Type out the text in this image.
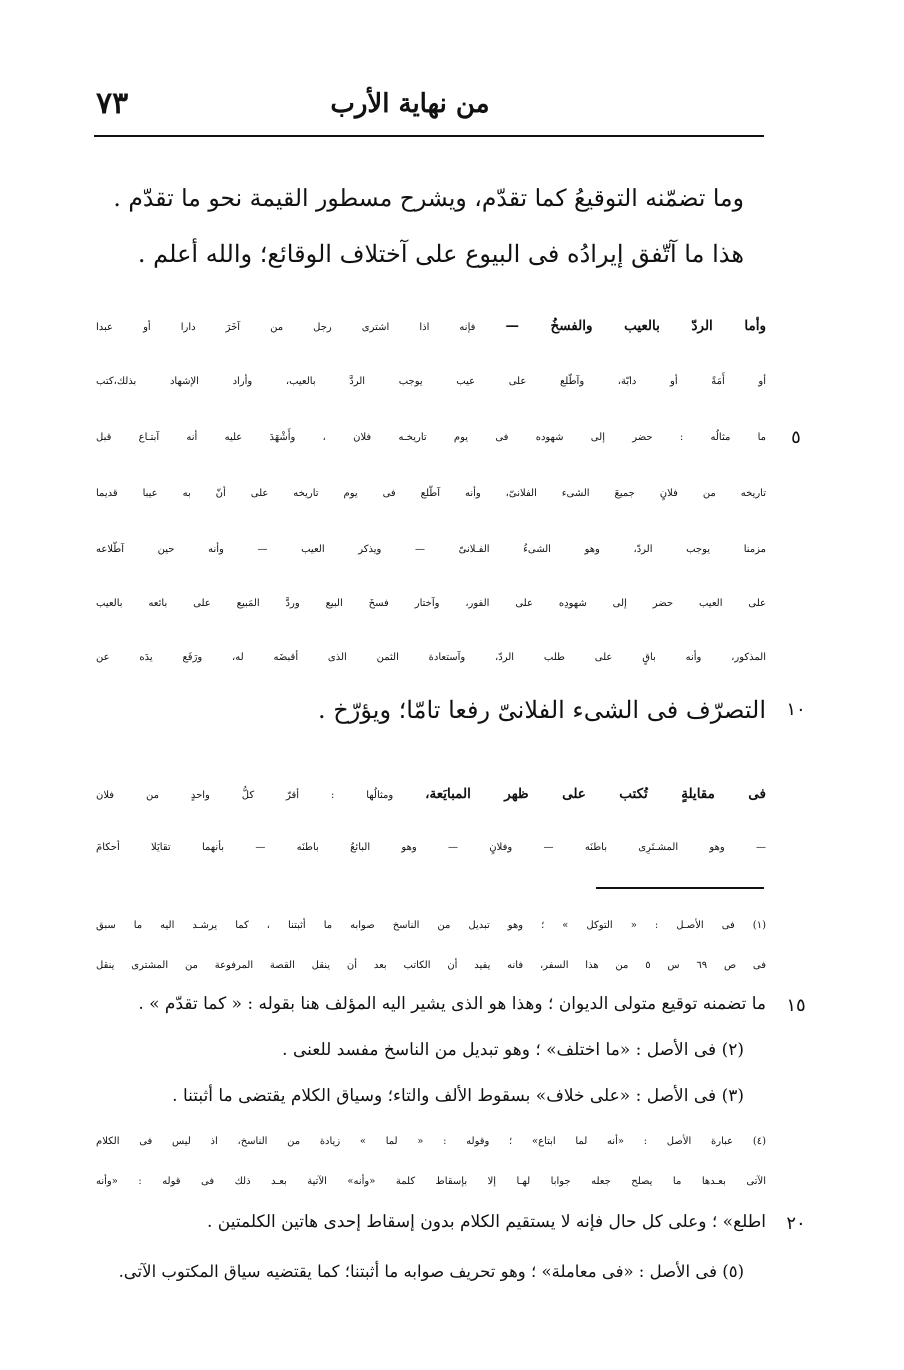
٧٣	من نهاية الأرب
وما تضمّنه التوقيعُ كما تقدّم، ويشرح مسطور القيمة نحو ما تقدّم .
هذا ما آتّفق إيرادُه فى البيوع على آختلاف الوقائع؛ والله أعلم .
وأما الردّ بالعيب والفسخُ — فإنه اذا اشترى رجل من آخَرَ دارا أو عبدا
أو أَمَةً أو دابّة، وآطّلع على عيب يوجب الردَّ بالعيب، وأراد الإشهاد بذلك،كتب
ما مثالُه : حضر إلى شهوده فى يوم تاريخـه فلان ، وأَشْهَدَ عليه أنه آبتـاع قبل
تاريخه من فلانٍ جميعَ الشىء الفلانىّ، وأنه آطّلع فى يوم تاريخه على أنّ به عيبا قديما
مزمنا يوجب الردّ، وهو الشىءُ الفـلانىّ — ويذكر العيب — وأنه حين آطّلاعه
على العيب حضر إلى شهودِه على الفور، وآختار فسخَ البيع وردَّ المَبيع على بائعه بالعيب
المذكور، وأنه باقٍ على طلب الردّ، وآستعادة الثمن الذى أقبضَه له، ورَفَع يدَه عن
التصرّف فى الشىء الفلانىّ رفعا تامّا؛ ويؤرّخ .
فى مقايلةٍ تُكتب على ظهر المبايَعة، ومثالُها : أقرّ كلُّ واحدٍ من فلان
— وهو المشـتَرِى باطنَه — وفلانٍ — وهو البائعُ باطنَه — بأنهما تقايَلا أحكامَ
(١) فى الأصـل : « التوكل » ؛ وهو تبديل من الناسخ صوابه ما أثبتنا ، كما يرشـد اليه ما سبق
فى ص ٦٩ س ٥ من هذا السفر، فانه يفيد أن الكاتب بعد أن ينقل القصة المرفوعة من المشترى ينقل
ما تضمنه توقيع متولى الديوان ؛ وهذا هو الذى يشير اليه المؤلف هنا بقوله : « كما تقدّم » .
(٢) فى الأصل : «ما اختلف» ؛ وهو تبديل من الناسخ مفسد للعنى .
(٣) فى الأصل : «على خلاف» بسقوط الألف والتاء؛ وسياق الكلام يقتضى ما أثبتنا .
(٤) عبارة الأصل : «أنه لما ابتاع» ؛ وقوله : « لما » زيادة من الناسخ، اذ ليس فى الكلام
الآتى بعـدها ما يصلح جعله جوابا لهـا إلا بإسقاط كلمة «وأنه» الآتية بعـد ذلك فى قوله : «وأنه
اطلع» ؛ وعلى كل حال فإنه لا يستقيم الكلام بدون إسقاط إحدى هاتين الكلمتين .
(٥) فى الأصل : «فى معاملة» ؛ وهو تحريف صوابه ما أثبتنا؛ كما يقتضيه سياق المكتوب الآتى.
٥
١٠
١٥
٢٠
